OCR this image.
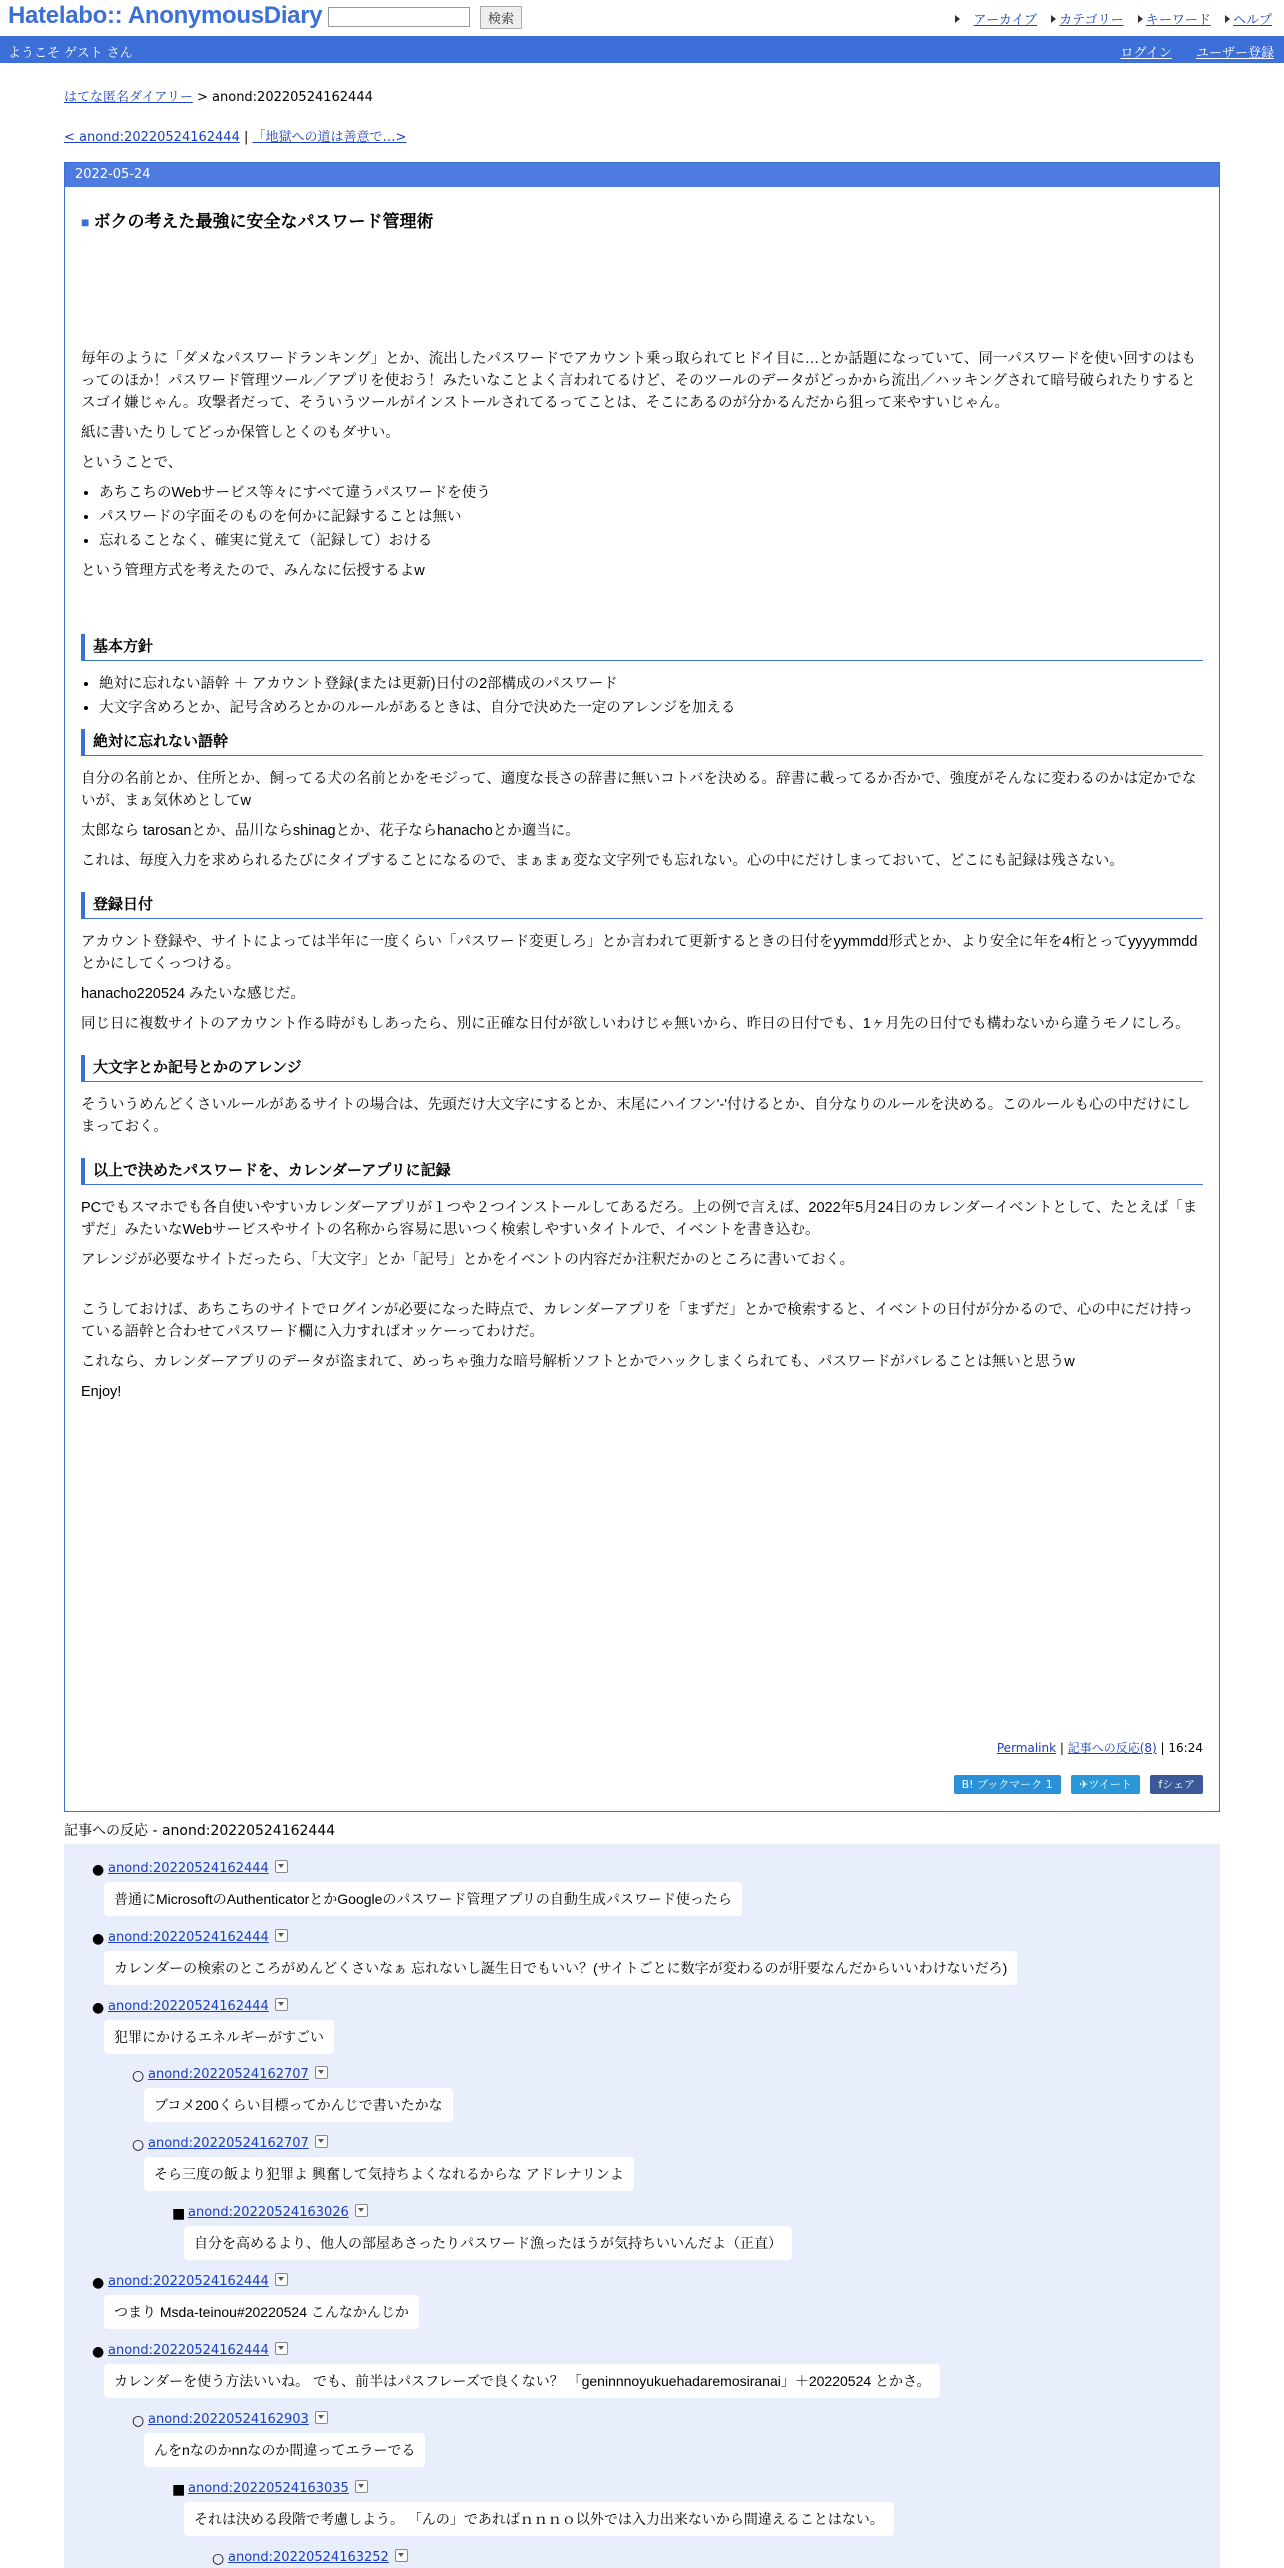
Hatelabo:: AnonymousDiary	検索	アーカイブ カテゴリー キーワード ヘルプ
ようこそ ゲスト さん	ログイン ユーザー登録
はてな匿名ダイアリー > anond:20220524162444
< anond:20220524162444 | 「地獄への道は善意で…>
2022-05-24
■ ボクの考えた最強に安全なパスワード管理術

毎年のように「ダメなパスワードランキング」とか、流出したパスワードでアカウント乗っ取られてヒドイ目に…とか話題になっていて、同一パスワードを使い回すのはもってのほか！パスワード管理ツール／アプリを使おう！みたいなことよく言われてるけど、そのツールのデータがどっかから流出／ハッキングされて暗号破られたりするとスゴイ嫌じゃん。攻撃者だって、そういうツールがインストールされてるってことは、そこにあるのが分かるんだから狙って来やすいじゃん。

紙に書いたりしてどっか保管しとくのもダサい。

ということで、

• あちこちのWebサービス等々にすべて違うパスワードを使う
• パスワードの字面そのものを何かに記録することは無い
• 忘れることなく、確実に覚えて（記録して）おける

という管理方式を考えたので、みんなに伝授するよw

基本方針
• 絶対に忘れない語幹 ＋ アカウント登録(または更新)日付の2部構成のパスワード
• 大文字含めろとか、記号含めろとかのルールがあるときは、自分で決めた一定のアレンジを加える
絶対に忘れない語幹

自分の名前とか、住所とか、飼ってる犬の名前とかをモジって、適度な長さの辞書に無いコトバを決める。辞書に載ってるか否かで、強度がそんなに変わるのかは定かでないが、まぁ気休めとしてw

太郎なら tarosanとか、品川ならshinagとか、花子ならhanachoとか適当に。

これは、毎度入力を求められるたびにタイプすることになるので、まぁまぁ変な文字列でも忘れない。心の中にだけしまっておいて、どこにも記録は残さない。

登録日付

アカウント登録や、サイトによっては半年に一度くらい「パスワード変更しろ」とか言われて更新するときの日付をyymmdd形式とか、より安全に年を4桁とってyyyymmddとかにしてくっつける。

hanacho220524 みたいな感じだ。

同じ日に複数サイトのアカウント作る時がもしあったら、別に正確な日付が欲しいわけじゃ無いから、昨日の日付でも、1ヶ月先の日付でも構わないから違うモノにしろ。

大文字とか記号とかのアレンジ

そういうめんどくさいルールがあるサイトの場合は、先頭だけ大文字にするとか、末尾にハイフン'-'付けるとか、自分なりのルールを決める。このルールも心の中だけにしまっておく。

以上で決めたパスワードを、カレンダーアプリに記録

PCでもスマホでも各自使いやすいカレンダーアプリが１つや２つインストールしてあるだろ。上の例で言えば、2022年5月24日のカレンダーイベントとして、たとえば「まずだ」みたいなWebサービスやサイトの名称から容易に思いつく検索しやすいタイトルで、イベントを書き込む。

アレンジが必要なサイトだったら、「大文字」とか「記号」とかをイベントの内容だか注釈だかのところに書いておく。

こうしておけば、あちこちのサイトでログインが必要になった時点で、カレンダーアプリを「まずだ」とかで検索すると、イベントの日付が分かるので、心の中にだけ持っている語幹と合わせてパスワード欄に入力すればオッケーってわけだ。

これなら、カレンダーアプリのデータが盗まれて、めっちゃ強力な暗号解析ソフトとかでハックしまくられても、パスワードがバレることは無いと思うw

Enjoy!

Permalink | 記事への反応(8) | 16:24
B! ブックマーク 1 ✈ツイート fシェア
記事への反応 - anond:20220524162444
● anond:20220524162444
普通にMicrosoftのAuthenticatorとかGoogleのパスワード管理アプリの自動生成パスワード使ったら
● anond:20220524162444
カレンダーの検索のところがめんどくさいなぁ 忘れないし誕生日でもいい？(サイトごとに数字が変わるのが肝要なんだからいいわけないだろ)
● anond:20220524162444
犯罪にかけるエネルギーがすごい
○ anond:20220524162707
ブコメ200くらい目標ってかんじで書いたかな
○ anond:20220524162707
そら三度の飯より犯罪よ 興奮して気持ちよくなれるからな アドレナリンよ
■ anond:20220524163026
自分を高めるより、他人の部屋あさったりパスワード漁ったほうが気持ちいいんだよ（正直）
● anond:20220524162444
つまり Msda-teinou#20220524 こんなかんじか
● anond:20220524162444
カレンダーを使う方法いいね。 でも、前半はパスフレーズで良くない？ 「geninnnoyukuehadaremosiranai」＋20220524 とかさ。
○ anond:20220524162903
んをnなのかnnなのか間違ってエラーでる
■ anond:20220524163035
それは決める段階で考慮しよう。 「んの」であればｎｎｎｏ以外では入力出来ないから間違えることはない。
○ anond:20220524163252
